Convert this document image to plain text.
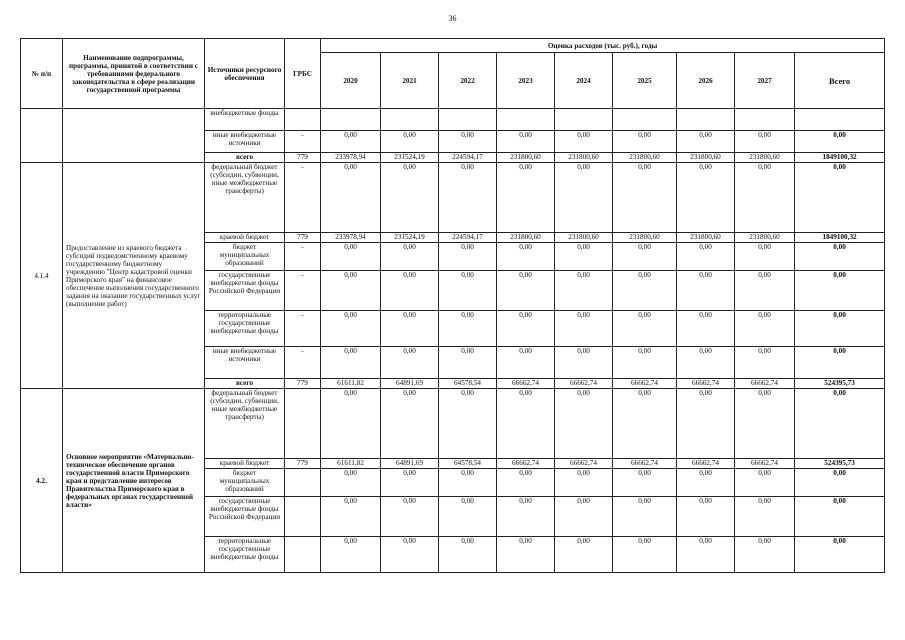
36
№ п/п	Наименование подпрограммы, программы, принятой в соответствии с требованиями федерального законодательства в сфере реализации государственной программы	Источники ресурсного обеспечения	ГРБС	Оценка расходов (тыс. руб.), годы								
				2020	2021	2022	2023	2024	2025	2026	2027	Всего
		внебюджетные фонды										
		иные внебюджетные источники	-	0,00	0,00	0,00	0,00	0,00	0,00	0,00	0,00	0,00
		всего	779	233978,94	231524,19	224594,17	231800,60	231800,60	231800,60	231800,60	231800,60	1849100,32
4.1.4	Предоставление из краевого бюджета субсидий подведомственному краевому государственному бюджетному учреждению "Центр кадастровой оценки Приморского края" на финансовое обеспечение выполнения государственного задания на оказание государственных услуг (выполнение работ)	федеральный бюджет (субсидии, субвенции, иные межбюджетные трансферты)	-	0,00	0,00	0,00	0,00	0,00	0,00	0,00	0,00	0,00
		краевой бюджет	779	233978,94	231524,19	224594,17	231800,60	231800,60	231800,60	231800,60	231800,60	1849100,32
		бюджет муниципальных образований	-	0,00	0,00	0,00	0,00	0,00	0,00	0,00	0,00	0,00
		государственные внебюджетные фонды Российской Федерации	-	0,00	0,00	0,00	0,00	0,00	0,00	0,00	0,00	0,00
		территориальные государственные внебюджетные фонды	-	0,00	0,00	0,00	0,00	0,00	0,00	0,00	0,00	0,00
		иные внебюджетные источники	-	0,00	0,00	0,00	0,00	0,00	0,00	0,00	0,00	0,00
		всего	779	61611,82	64891,69	64578,54	66662,74	66662,74	66662,74	66662,74	66662,74	524395,73
4.2.	Основное мероприятие «Материально-техническое обеспечение органов государственной власти Приморского края и представление интересов Правительства Приморского края в федеральных органах государственной власти»	федеральный бюджет (субсидии, субвенции, иные межбюджетные трансферты)		0,00	0,00	0,00	0,00	0,00	0,00	0,00	0,00	0,00
		краевой бюджет	779	61611,82	64891,69	64578,54	66662,74	66662,74	66662,74	66662,74	66662,74	524395,73
		бюджет муниципальных образований		0,00	0,00	0,00	0,00	0,00	0,00	0,00	0,00	0,00
		государственные внебюджетные фонды Российской Федерации		0,00	0,00	0,00	0,00	0,00	0,00	0,00	0,00	0,00
		территориальные государственные внебюджетные фонды		0,00	0,00	0,00	0,00	0,00	0,00	0,00	0,00	0,00
